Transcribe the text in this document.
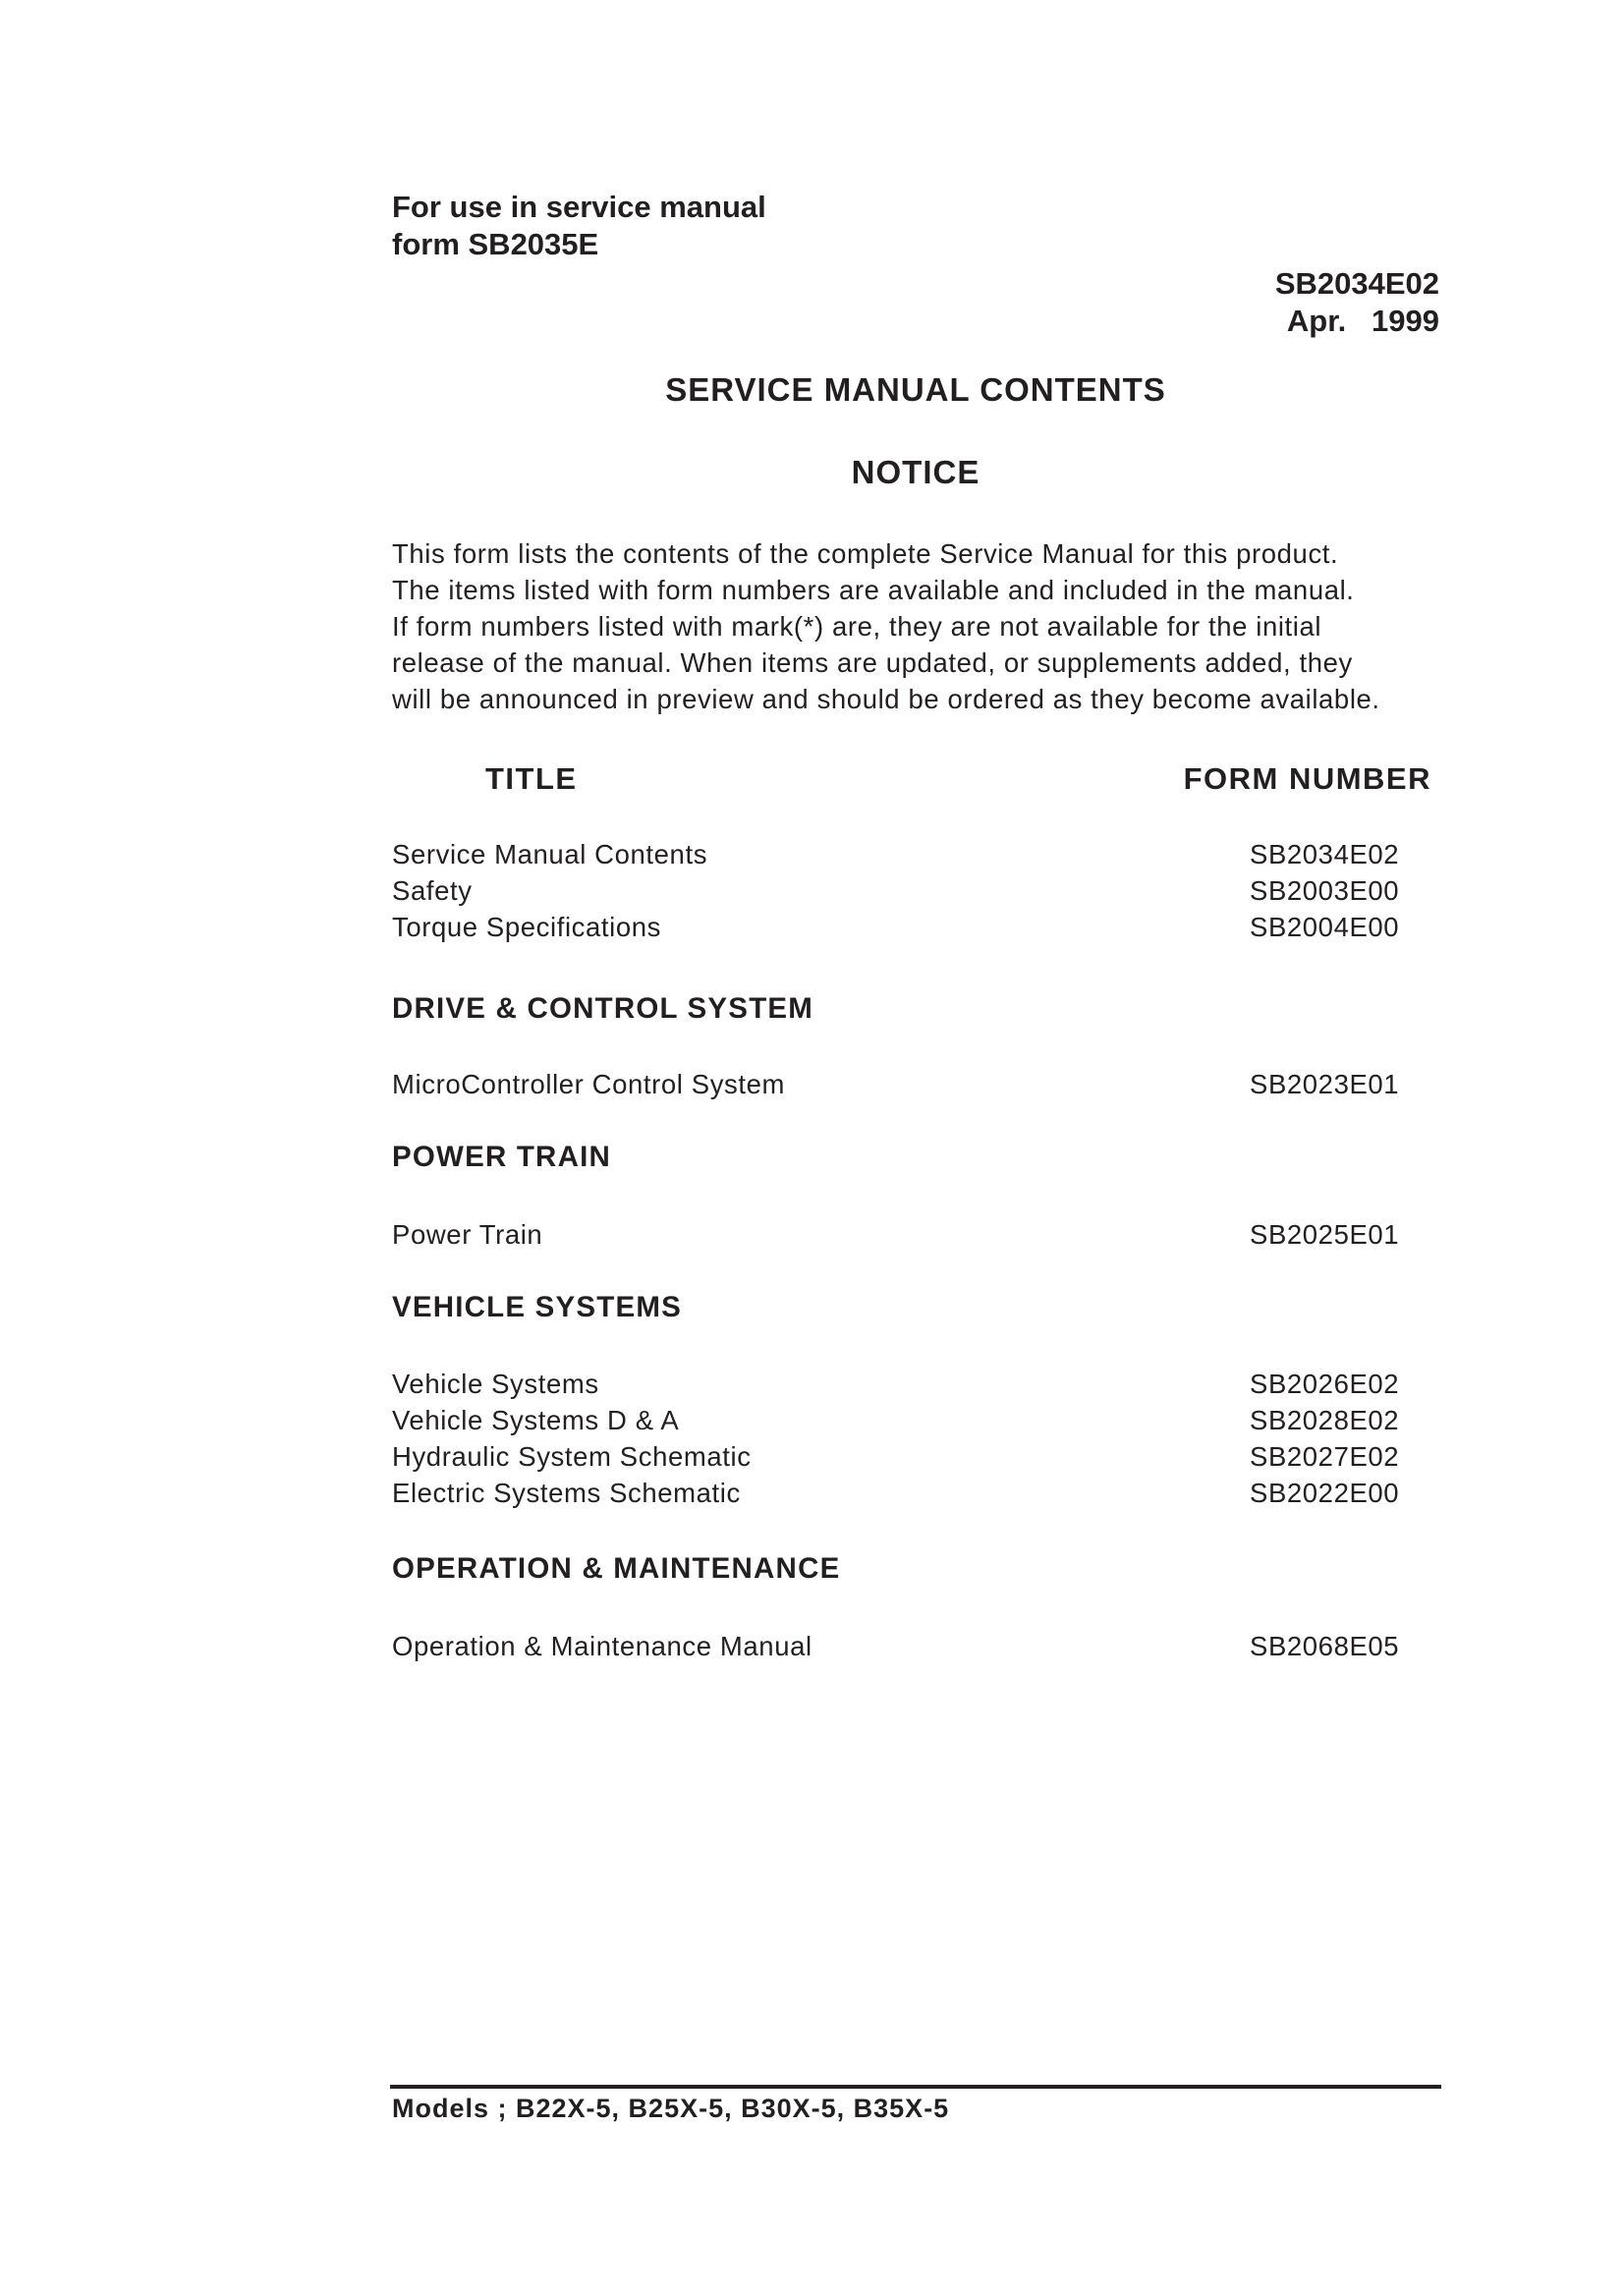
For use in service manual
form SB2035E
SB2034E02
Apr.   1999
SERVICE MANUAL CONTENTS
NOTICE
This form lists the contents of the complete Service Manual for this product.
The items listed with form numbers are available and included in the manual.
If form numbers listed with mark(*) are, they are not available for the initial
release of the manual. When items are updated, or supplements added, they
will be announced in preview and should be ordered as they become available.
TITLE	FORM NUMBER
Service Manual Contents	SB2034E02
Safety	SB2003E00
Torque Specifications	SB2004E00
DRIVE & CONTROL SYSTEM
MicroController Control System	SB2023E01
POWER TRAIN
Power Train	SB2025E01
VEHICLE SYSTEMS
Vehicle Systems	SB2026E02
Vehicle Systems D & A	SB2028E02
Hydraulic System Schematic	SB2027E02
Electric Systems Schematic	SB2022E00
OPERATION & MAINTENANCE
Operation & Maintenance Manual	SB2068E05
Models ; B22X-5, B25X-5, B30X-5, B35X-5
